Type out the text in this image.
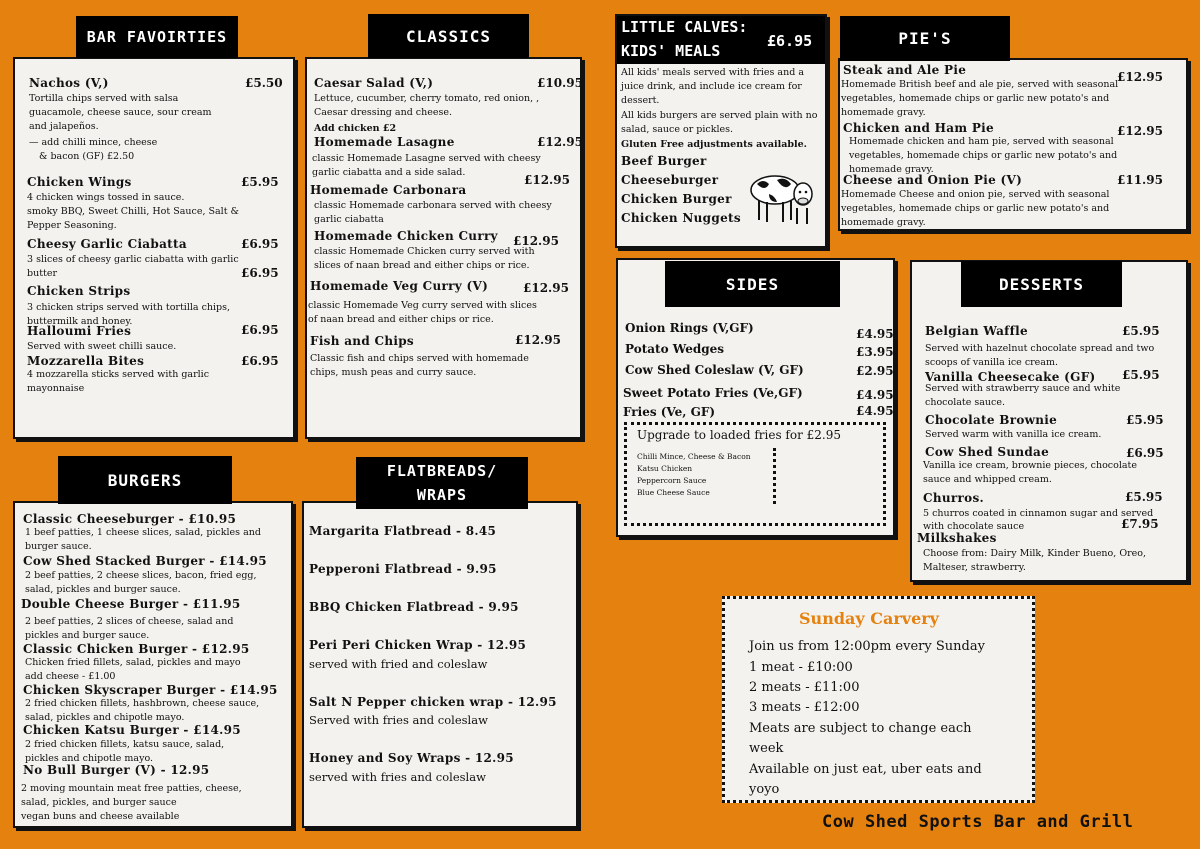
Nachos (V,)	£5.50
Tortilla chips served with salsa
guacamole, cheese sauce, sour cream
and jalapeños.
— add chilli mince, cheese
& bacon (GF) £2.50
Chicken Wings	£5.95
4 chicken wings tossed in sauce.
smoky BBQ, Sweet Chilli, Hot Sauce, Salt &
Pepper Seasoning.
Cheesy Garlic Ciabatta	£6.95
3 slices of cheesy garlic ciabatta with garlic
butter	£6.95
Chicken Strips
3 chicken strips served with tortilla chips,
buttermilk and honey.
Halloumi Fries	£6.95
Served with sweet chilli sauce.
Mozzarella Bites	£6.95
4 mozzarella sticks served with garlic
mayonnaise
BAR FAVOIRTIES
Caesar Salad (V,)	£10.95
Lettuce, cucumber, cherry tomato, red onion, ,
Caesar dressing and cheese.
Add chicken £2
Homemade Lasagne	£12.95
classic Homemade Lasagne served with cheesy
garlic ciabatta and a side salad.
Homemade Carbonara
£12.95
classic Homemade carbonara served with cheesy
garlic ciabatta
Homemade Chicken Curry £12.95
classic Homemade Chicken curry served with
slices of naan bread and either chips or rice.
Homemade Veg Curry (V)	£12.95
classic Homemade Veg curry served with slices
of naan bread and either chips or rice.
Fish and Chips	£12.95
Classic fish and chips served with homemade
chips, mush peas and curry sauce.
CLASSICS	LITTLE CALVES:
KIDS' MEALS
£6.95
All kids' meals served with fries and a
juice drink, and include ice cream for
dessert.
All kids burgers are served plain with no
salad, sauce or pickles.
Gluten Free adjustments available.
Beef Burger
Cheeseburger
Chicken Burger
Chicken Nuggets
Steak and Ale Pie	£12.95
Homemade British beef and ale pie, served with seasonal
vegetables, homemade chips or garlic new potato's and
homemade gravy.
Chicken and Ham Pie	£12.95
Homemade chicken and ham pie, served with seasonal
vegetables, homemade chips or garlic new potato's and
homemade gravy.
Cheese and Onion Pie (V)	£11.95
Homemade Cheese and onion pie, served with seasonal
vegetables, homemade chips or garlic new potato's and
homemade gravy.
PIE'S
Onion Rings (V,GF)	£4.95
Potato Wedges	£3.95
Cow Shed Coleslaw (V, GF)	£2.95
Sweet Potato Fries (Ve,GF)	£4.95
Fries (Ve, GF)	£4.95
Upgrade to loaded fries for £2.95
Chilli Mince, Cheese & Bacon
Katsu Chicken
Peppercorn Sauce
Blue Cheese Sauce
SIDES
Belgian Waffle	£5.95
Served with hazelnut chocolate spread and two
scoops of vanilla ice cream.
Vanilla Cheesecake (GF) £5.95
Served with strawberry sauce and white
chocolate sauce.
Chocolate Brownie	£5.95
Served warm with vanilla ice cream.
Cow Shed Sundae	£6.95
Vanilla ice cream, brownie pieces, chocolate
sauce and whipped cream.
Churros.	£5.95
5 churros coated in cinnamon sugar and served
with chocolate sauce	£7.95
Milkshakes
Choose from: Dairy Milk, Kinder Bueno, Oreo,
Malteser, strawberry.
DESSERTS
Classic Cheeseburger - £10.95
1 beef patties, 1 cheese slices, salad, pickles and
burger sauce.
Cow Shed Stacked Burger - £14.95
2 beef patties, 2 cheese slices, bacon, fried egg,
salad, pickles and burger sauce.
Double Cheese Burger - £11.95
2 beef patties, 2 slices of cheese, salad and
pickles and burger sauce.
Classic Chicken Burger - £12.95
Chicken fried fillets, salad, pickles and mayo
add cheese - £1.00
Chicken Skyscraper Burger - £14.95
2 fried chicken fillets, hashbrown, cheese sauce,
salad, pickles and chipotle mayo.
Chicken Katsu Burger - £14.95
2 fried chicken fillets, katsu sauce, salad,
pickles and chipotle mayo.
No Bull Burger (V) - 12.95
2 moving mountain meat free patties, cheese,
salad, pickles, and burger sauce
vegan buns and cheese available
BURGERS
Margarita Flatbread - 8.45
Pepperoni Flatbread - 9.95
BBQ Chicken Flatbread - 9.95
Peri Peri Chicken Wrap - 12.95
served with fried and coleslaw
Salt N Pepper chicken wrap - 12.95
Served with fries and coleslaw
Honey and Soy Wraps - 12.95
served with fries and coleslaw
FLATBREADS/
WRAPS
Sunday Carvery
Join us from 12:00pm every Sunday
1 meat - £10:00
2 meats - £11:00
3 meats - £12:00
Meats are subject to change each
week
Available on just eat, uber eats and
yoyo
Cow Shed Sports Bar and Grill
